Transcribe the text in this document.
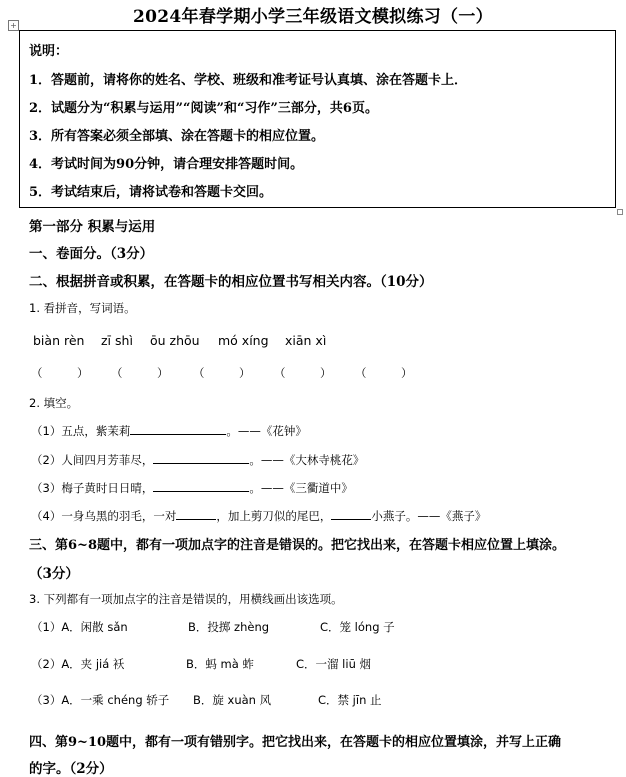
2024年春学期小学三年级语文模拟练习（一）
+
说明：
1．答题前，请将你的姓名、学校、班级和准考证号认真填、涂在答题卡上．
2．试题分为“积累与运用”“阅读”和“习作”三部分，共6页。
3．所有答案必须全部填、涂在答题卡的相应位置。
4．考试时间为90分钟，请合理安排答题时间。
5．考试结束后，请将试卷和答题卡交回。
第一部分 积累与运用
一、卷面分。（3分）
二、根据拼音或积累，在答题卡的相应位置书写相关内容。（10分）
1. 看拼音，写词语。
biàn rèn zī shì ōu zhōu mó xíng xiān xì
（　　　） （　　　） （　　　） （　　　） （　　　）
2. 填空。
（1）五点，紫茉莉	。——《花钟》
（2）人间四月芳菲尽，	。——《大林寺桃花》
（3）梅子黄时日日晴，	。——《三衢道中》
（4）一身乌黑的羽毛，一对	，加上剪刀似的尾巴，	小燕子。——《燕子》
三、第6~8题中，都有一项加点字的注音是错误的。把它找出来，在答题卡相应位置上填涂。
（3分）
3. 下列都有一项加点字的注音是错误的，用横线画出该选项。
（1）A．闲散 sǎn	B．投掷 zhèng	C．笼 lóng 子
（2）A．夹 jiá 袄	B．蚂 mà 蚱	C．一溜 liū 烟
（3）A．一乘 chéng 轿子 B．旋 xuàn 风	C．禁 jīn 止
四、第9~10题中，都有一项有错别字。把它找出来，在答题卡的相应位置填涂，并写上正确
的字。（2分）
